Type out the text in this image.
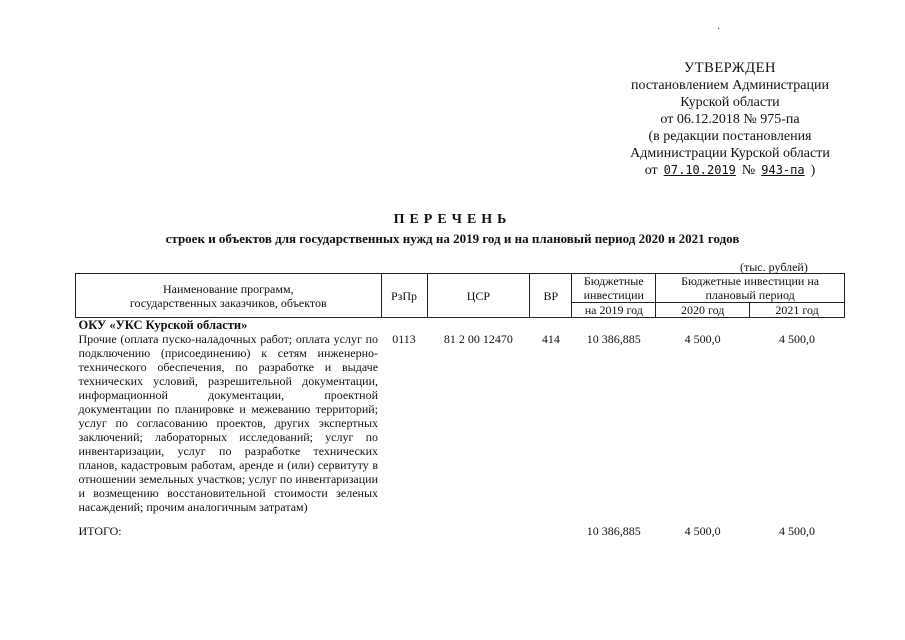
·
УТВЕРЖДЕН
постановлением Администрации
Курской области
от 06.12.2018 № 975-па
(в редакции постановления
Администрации Курской области
от 07.10.2019 № 943-па )
ПЕРЕЧЕНЬ
строек и объектов для государственных нужд на 2019 год и на плановый период 2020 и 2021 годов
(тыс. рублей)
Наименование программ,
государственных заказчиков, объектов	РзПр	ЦСР	ВР	Бюджетные инвестиции	Бюджетные инвестиции на плановый период	

				на 2019 год	2020 год	2021 год
ОКУ «УКС Курской области»						
Прочие (оплата пуско-наладочных работ; оплата услуг по подключению (присоединению) к сетям инженерно-технического обеспечения, по разработке и выдаче технических условий, разрешительной документации, информационной документации, проектной документации по планировке и межеванию территорий; услуг по согласованию проектов, других экспертных заключений; лабораторных исследований; услуг по инвентаризации, услуг по разработке технических планов, кадастровым работам, аренде и (или) сервитуту в отношении земельных участков; услуг по инвентаризации и возмещению восстановительной стоимости зеленых насаждений; прочим аналогичным затратам)	0113	81 2 00 12470	414	10 386,885	4 500,0	4 500,0
ИТОГО:				10 386,885	4 500,0	4 500,0
